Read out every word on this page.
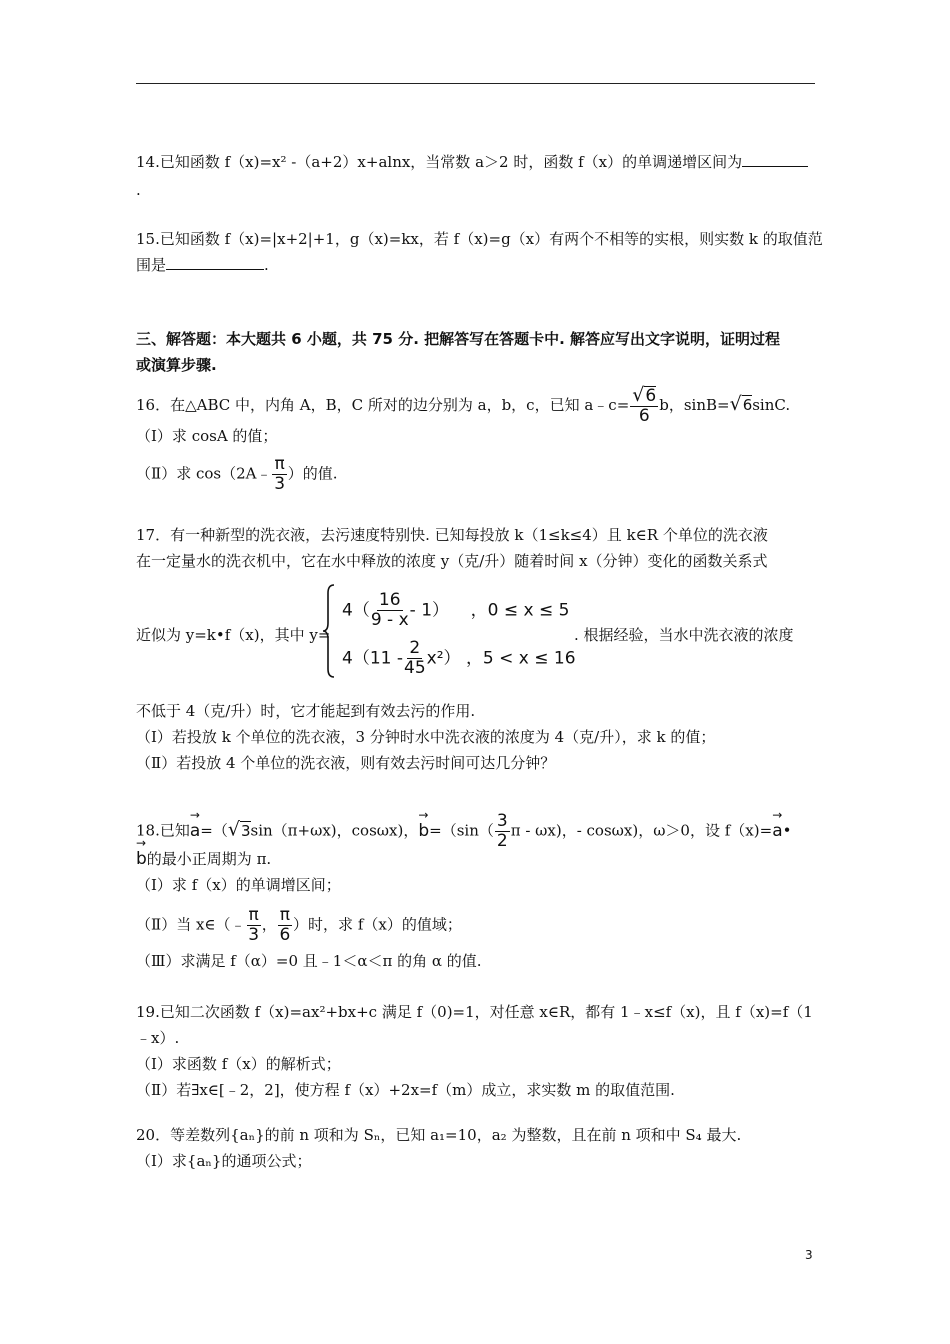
14.已知函数 f（x)=x² -（a+2）x+alnx，当常数 a＞2 时，函数 f（x）的单调递增区间为
.
15.已知函数 f（x)=|x+2|+1，g（x)=kx，若 f（x)=g（x）有两个不相等的实根，则实数 k 的取值范
围是	.
三、解答题：本大题共 6 小题，共 75 分. 把解答写在答题卡中. 解答应写出文字说明，证明过程
或演算步骤.
16．在△ABC 中，内角 A，B，C 所对的边分别为 a，b，c，已知 a﹣c= $\frac{√6}{6}$ b，sinB=√6sinC.
（Ⅰ）求 cosA 的值；
（Ⅱ）求 cos（2A﹣ $\frac{\pi}{3}$ ）的值.
17．有一种新型的洗衣液，去污速度特别快. 已知每投放 k（1≤k≤4）且 k∈R 个单位的洗衣液
在一定量水的洗衣机中，它在水中释放的浓度 y（克/升）随着时间 x（分钟）变化的函数关系式
近似为 y=k•f（x)，其中 y=	. 根据经验，当水中洗衣液的浓度
$4( \frac{16}{9 - x} - 1)$ ，0 ≤ x ≤ 5
$4(11 - \frac{2}{45} x^2)$ ，5 < x ≤ 16
不低于 4（克/升）时，它才能起到有效去污的作用.
（Ⅰ）若投放 k 个单位的洗衣液，3 分钟时水中洗衣液的浓度为 4（克/升），求 k 的值；
（Ⅱ）若投放 4 个单位的洗衣液，则有效去污时间可达几分钟？
18.已知→ a=（√3sin（π+ωx)，cosωx)，→ $b=(\sin( \frac{3}{2}$ π - ωx)，- cosωx)，ω＞0，设 f（x)=→ a•
→ b的最小正周期为 π.
（Ⅰ）求 f（x）的单调增区间；
（Ⅱ）当 x∈（﹣ $\frac{\pi}{3}$ ， $\frac{\pi}{6}$ ）时，求 f（x）的值域；
（Ⅲ）求满足 f（α）=0 且﹣1＜α＜π 的角 α 的值.
19.已知二次函数 f（x)=ax²+bx+c 满足 f（0)=1，对任意 x∈R，都有 1﹣x≤f（x)，且 f（x)=f（1
﹣x）.
（Ⅰ）求函数 f（x）的解析式；
（Ⅱ）若∃x∈[﹣2，2]，使方程 f（x）+2x=f（m）成立，求实数 m 的取值范围.
20．等差数列{aₙ}的前 n 项和为 Sₙ，已知 a₁=10，a₂ 为整数，且在前 n 项和中 S₄ 最大.
（Ⅰ）求{aₙ}的通项公式；
3
